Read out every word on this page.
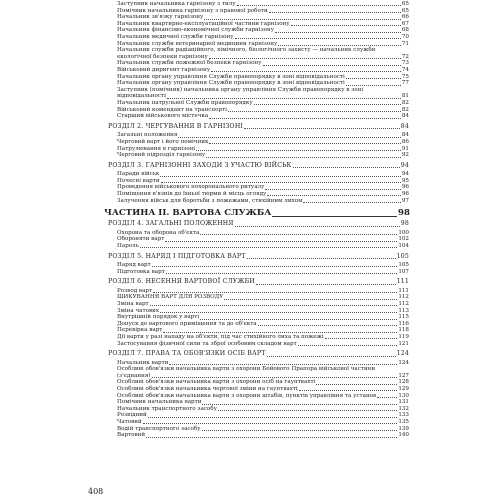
Заступник начальника гарнізону з тилу	65
Помічник начальника гарнізону з правової роботи	65
Начальник зв'язку гарнізону	66
Начальник квартирно-експлуатаційної частини гарнізону	67
Начальник фінансово-економічної служби гарнізону	68
Начальник медичної служби гарнізону	70
Начальник служби ветеринарної медицини гарнізону	71
Начальник служби радіаційного, хімічного, біологічного захисту — начальник служби
екологічної безпеки гарнізону	72
Начальник служби пожежної безпеки гарнізону	73
Військовий диригент гарнізону	74
Начальник органу управління Служби правопорядку в зоні відповідальності	75
Начальник органу управління Служби правопорядку в зоні відповідальності	77
Заступник (помічник) начальника органу управління Служби правопорядку в зоні
відповідальності	81
Начальник патрульної Служби правопорядку	82
Військовий комендант на транспорті	82
Старший військового містечка	84
РОЗДІЛ 2. ЧЕРГУВАННЯ В ГАРНІЗОНІ	84
Загальні положення	84
Черговий варт і його помічник	86
Патрулювання в гарнізоні	91
Черговий підрозділ гарнізону	92
РОЗДІЛ 3. ГАРНІЗОННІ ЗАХОДИ З УЧАСТЮ ВІЙСЬК	94
Паради військ	94
Почесні варти	95
Проведення військового похоронального ритуалу	96
Поміщення в'язнів до їхньої тюрми й місць огляду	96
Залучення військ для боротьби з пожежами, стихійним лихом	97
ЧАСТИНА II. ВАРТОВА СЛУЖБА	98
РОЗДІЛ 4. ЗАГАЛЬНІ ПОЛОЖЕННЯ	98
Охорона та оборона об'єкта	100
Обороняти варт	102
Пароль	104
РОЗДІЛ 5. НАРЯД І ПІДГОТОВКА ВАРТ	105
Наряд варт	105
Підготовка варт	107
РОЗДІЛ 6. НЕСЕННЯ ВАРТОВОЇ СЛУЖБИ	111
Розвод варт	111
ШИКУВАННЯ ВАРТ ДЛЯ РОЗВОДУ	112
Зміна варт	112
Зміна чатових	113
Внутрішній порядок у варті	115
Допуск до вартового приміщення та до об'єкта	116
Перевірка варт	118
Дії варти у разі нападу на об'єкти, під час стихійного лиха та пожежі	119
Застосування фізичної сили та зброї особовим складом варт	121
РОЗДІЛ 7. ПРАВА ТА ОБОВ'ЯЗКИ ОСІБ ВАРТ	124
Начальник варти	124
Особливі обов'язки начальника варти з охорони Бойового Прапора військової частини
(з'єднання)	127
Особливі обов'язки начальника варти з охорони осіб на гауптвахті	128
Особливі обов'язки начальника чергової зміни на гауптвахті	129
Особливі обов'язки начальника варти з охорони штабів, пунктів управління та установ	130
Помічник начальника варти	131
Начальник транспортного засобу	132
Розвідний	133
Чатовий	135
Водій транспортного засобу	139
Вартовий	140
408
